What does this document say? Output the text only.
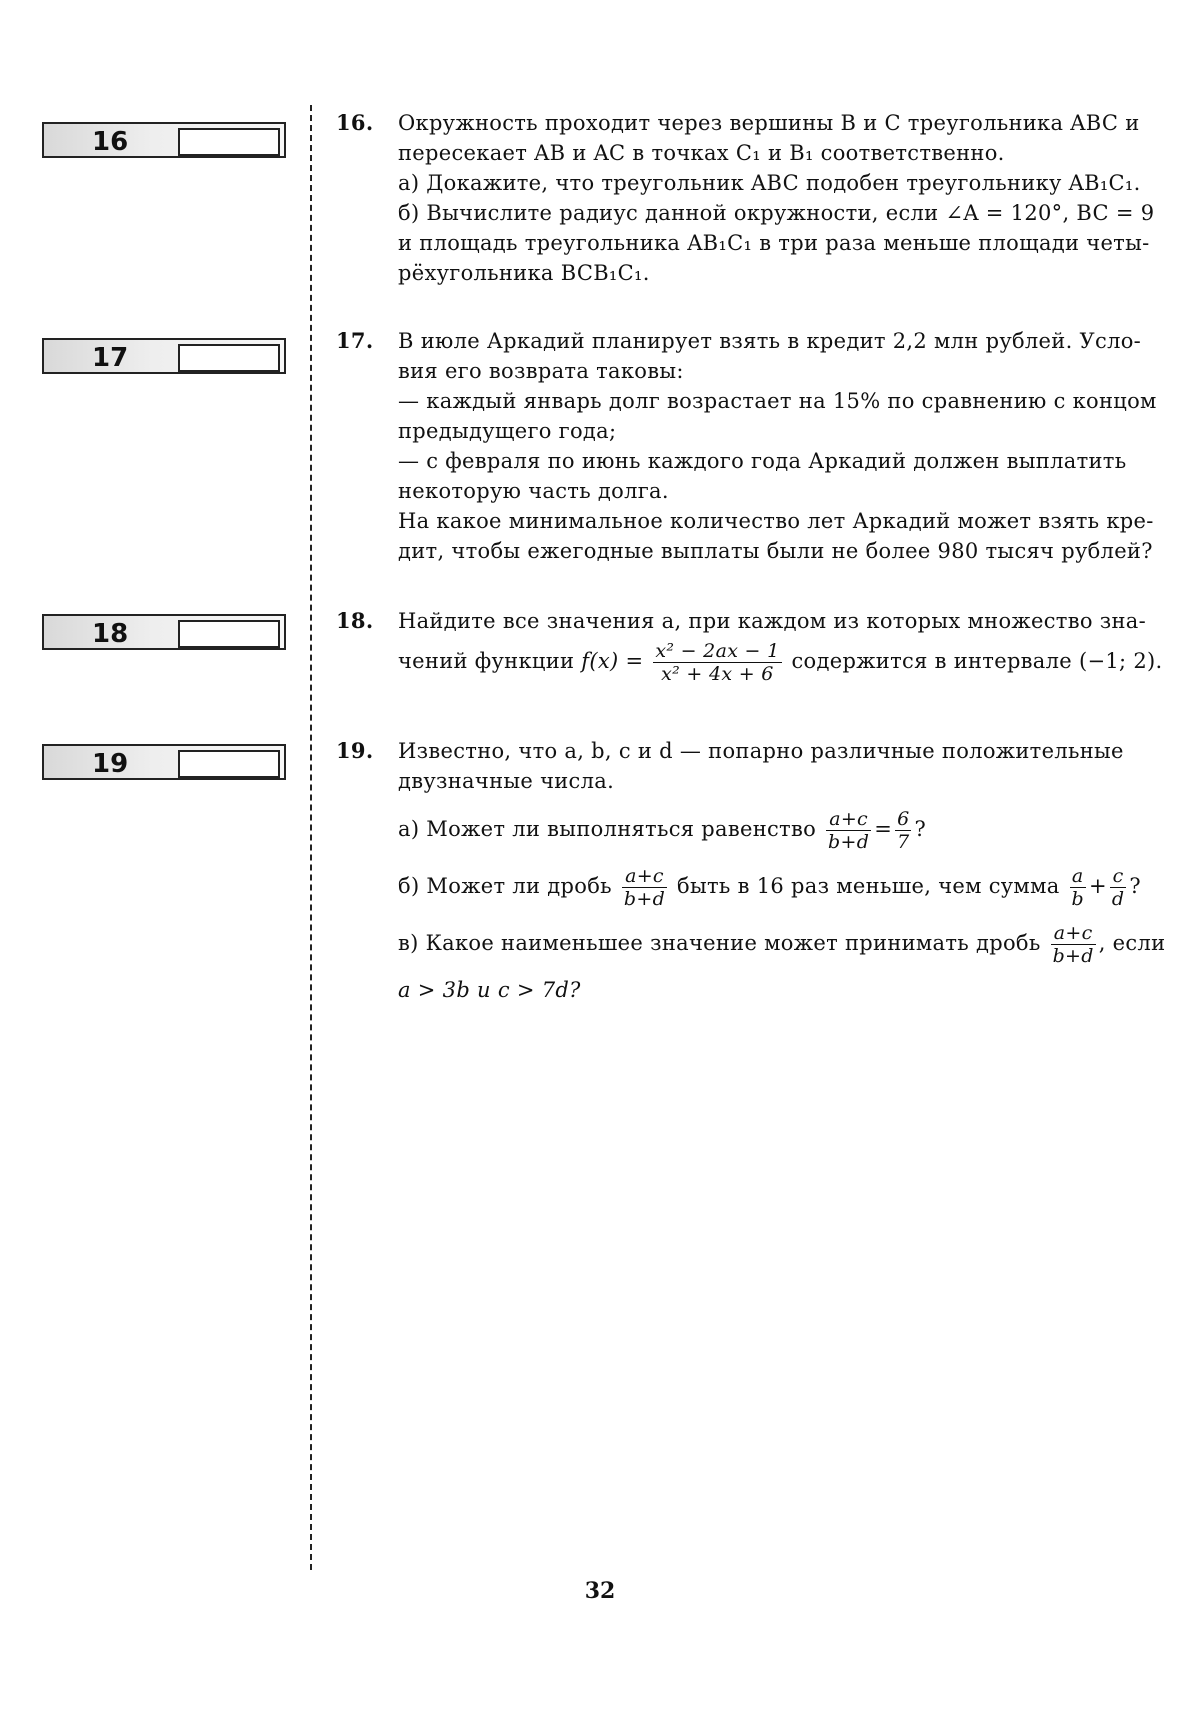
16
17
18
19
16. Окружность проходит через вершины B и C треугольника ABC и
пересекает AB и AC в точках C₁ и B₁ соответственно.
а) Докажите, что треугольник ABC подобен треугольнику AB₁C₁.
б) Вычислите радиус данной окружности, если ∠A = 120°, BC = 9
и площадь треугольника AB₁C₁ в три раза меньше площади четы-
рёхугольника BCB₁C₁.
17. В июле Аркадий планирует взять в кредит 2,2 млн рублей. Усло-
вия его возврата таковы:
— каждый январь долг возрастает на 15% по сравнению с концом
предыдущего года;
— с февраля по июнь каждого года Аркадий должен выплатить
некоторую часть долга.
На какое минимальное количество лет Аркадий может взять кре-
дит, чтобы ежегодные выплаты были не более 980 тысяч рублей?
18. Найдите все значения a, при каждом из которых множество зна-
чений функции $f(x) = \frac{\text{x² − 2ax − 1}}{\text{x² + 4x + 6}}$ содержится в интервале (−1; 2).
19. Известно, что a, b, c и d — попарно различные положительные
двузначные числа.
а) Может ли выполняться равенство $\frac{a+c}{b+d} = \frac{6}{7}$ ?
б) Может ли дробь $\frac{a+c}{b+d}$ быть в 16 раз меньше, чем сумма $\frac{a}{b} + \frac{c}{d}$ ?
в) Какое наименьшее значение может принимать дробь $\frac{a+c}{b+d}$ , если
a > 3b и c > 7d?
32
